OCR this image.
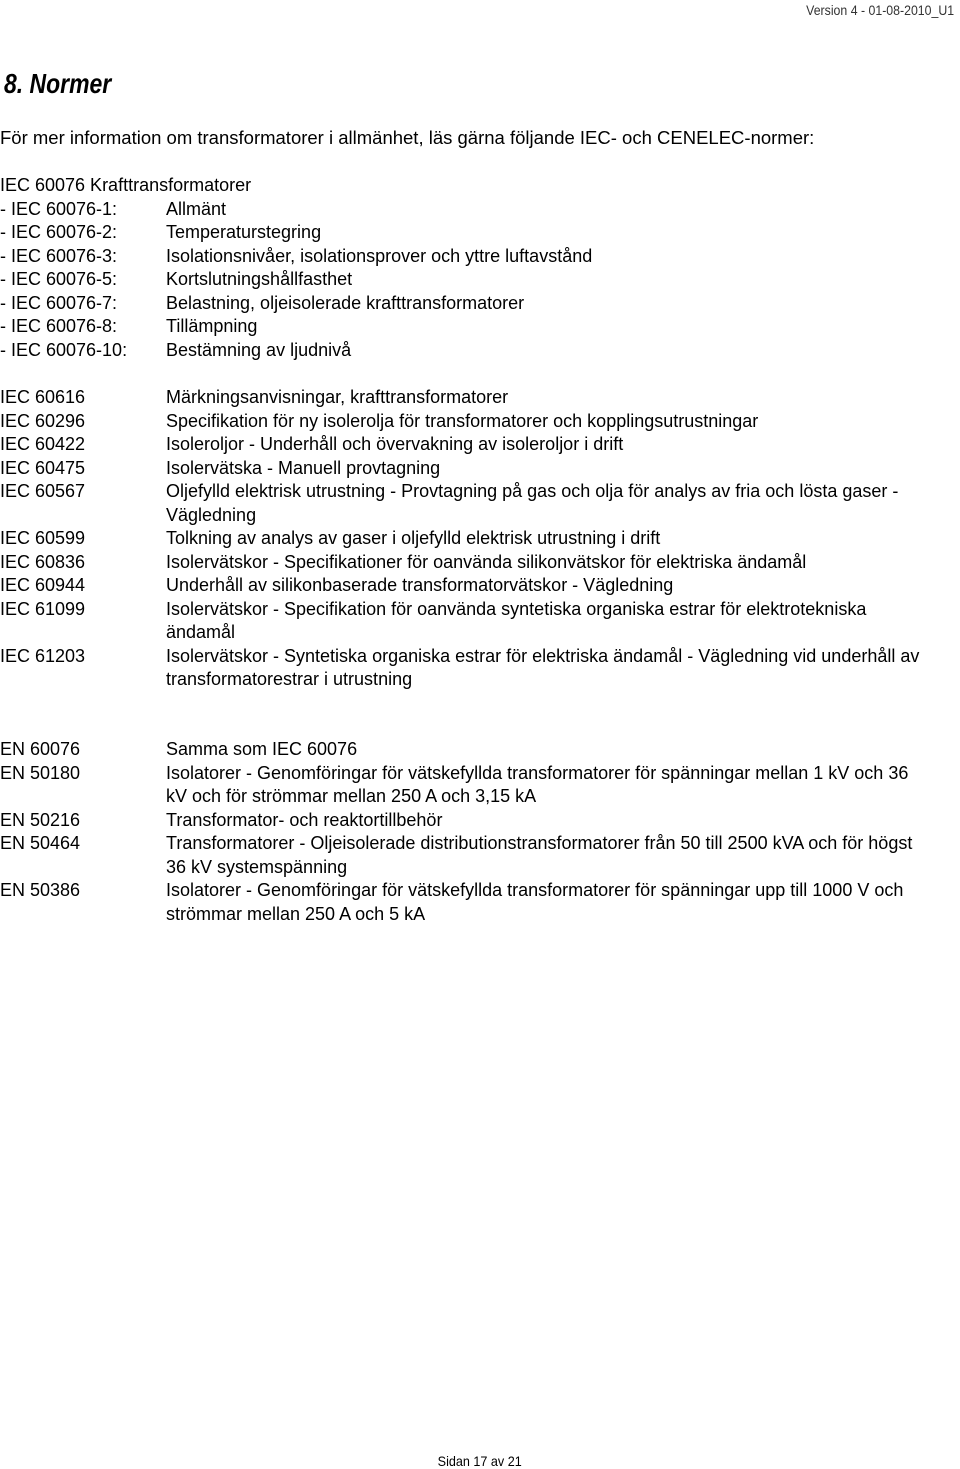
Version 4 - 01-08-2010_U1
8. Normer
För mer information om transformatorer i allmänhet, läs gärna följande IEC- och CENELEC-normer:
IEC 60076 Krafttransformatorer
- IEC 60076-1:	Allmänt
- IEC 60076-2:	Temperaturstegring
- IEC 60076-3:	Isolationsnivåer, isolationsprover och yttre luftavstånd
- IEC 60076-5:	Kortslutningshållfasthet
- IEC 60076-7:	Belastning, oljeisolerade krafttransformatorer
- IEC 60076-8:	Tillämpning
- IEC 60076-10:	Bestämning av ljudnivå
IEC 60616	Märkningsanvisningar, krafttransformatorer
IEC 60296	Specifikation för ny isolerolja för transformatorer och kopplingsutrustningar
IEC 60422	Isoleroljor - Underhåll och övervakning av isoleroljor i drift
IEC 60475	Isolervätska - Manuell provtagning
IEC 60567	Oljefylld elektrisk utrustning - Provtagning på gas och olja för analys av fria och lösta gaser - Vägledning
IEC 60599	Tolkning av analys av gaser i oljefylld elektrisk utrustning i drift
IEC 60836	Isolervätskor - Specifikationer för oanvända silikonvätskor för elektriska ändamål
IEC 60944	Underhåll av silikonbaserade transformatorvätskor - Vägledning
IEC 61099	Isolervätskor - Specifikation för oanvända syntetiska organiska estrar för elektrotekniska ändamål
IEC 61203	Isolervätskor - Syntetiska organiska estrar för elektriska ändamål - Vägledning vid underhåll av transformatorestrar i utrustning
EN 60076	Samma som IEC 60076
EN 50180	Isolatorer - Genomföringar för vätskefyllda transformatorer för spänningar mellan 1 kV och 36 kV och för strömmar mellan 250 A och 3,15 kA
EN 50216	Transformator- och reaktortillbehör
EN 50464	Transformatorer - Oljeisolerade distributionstransformatorer från 50 till 2500 kVA och för högst 36 kV systemspänning
EN 50386	Isolatorer - Genomföringar för vätskefyllda transformatorer för spänningar upp till 1000 V och strömmar mellan 250 A och 5 kA
Sidan 17 av 21
